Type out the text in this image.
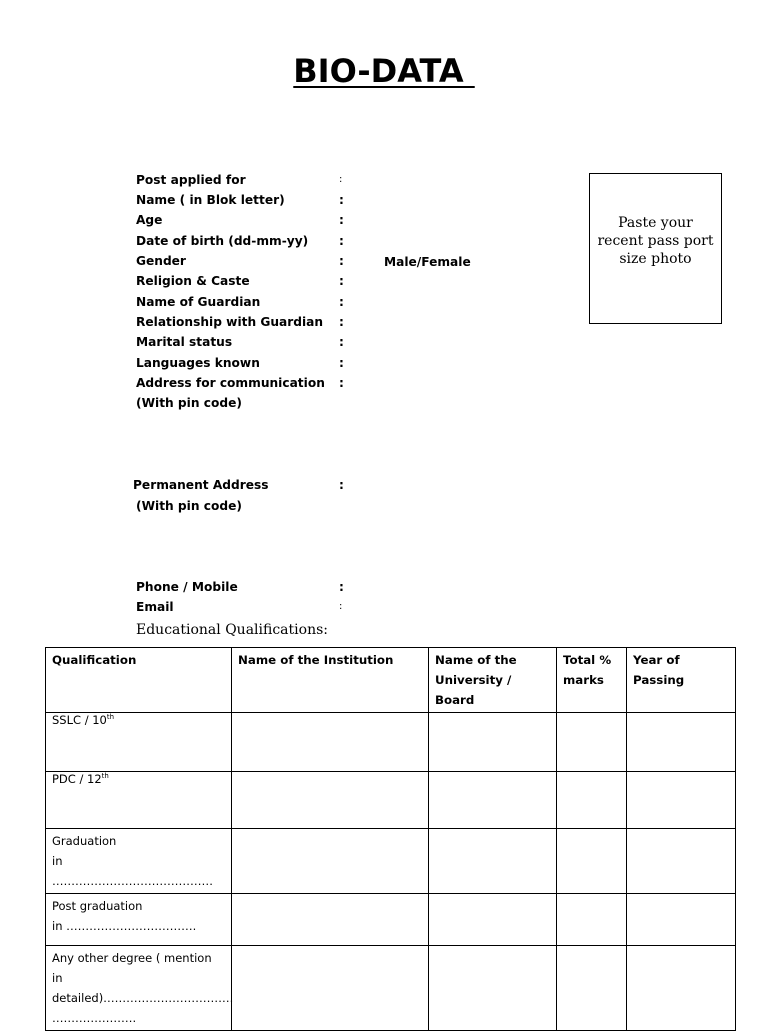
BIO-DATA
Post applied for	:
Name ( in Blok letter)	:
Age	:
Date of birth (dd-mm-yy)	:
Gender	:	Male/Female
Religion & Caste	:
Name of Guardian	:
Relationship with Guardian :
Marital status	:
Languages known	:
Address for communication :
(With pin code)
Paste your recent pass port size photo
Permanent Address	:
(With pin code)
Phone / Mobile	:
Email	:
Educational Qualifications:
Qualification	Name of the Institution	Name of the University / Board	Total % marks	Year of Passing
SSLC / 10th				
PDC / 12th				

Graduation
in ……………………………………				

Post graduation
in …………………………….				

Any other degree ( mention in
detailed)…………………………….
………………….				
